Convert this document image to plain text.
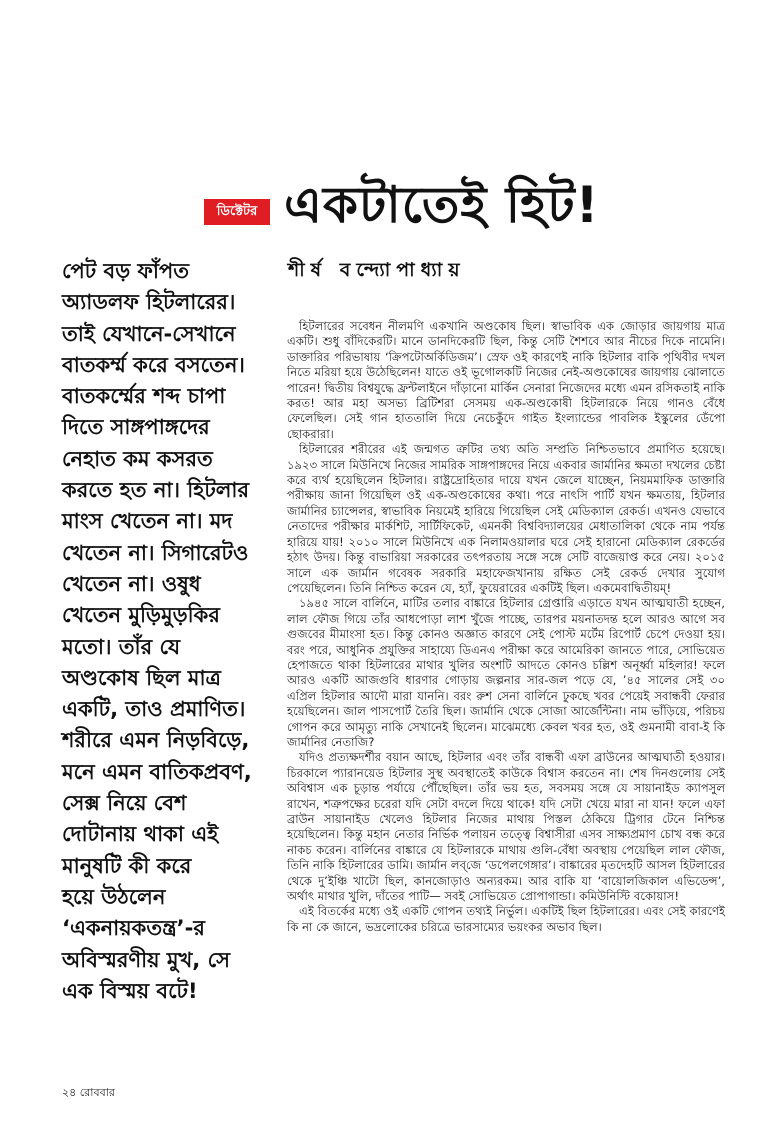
ডিক্টেটর একটাতেই হিট!
শীর্ষ বন্দ্যোপাধ্যায়
পেট বড় ফাঁপত
অ্যাডলফ হিটলারের।
তাই যেখানে-সেখানে
বাতকর্ম্ম করে বসতেন।
বাতকর্ম্মের শব্দ চাপা
দিতে সাঙ্গপাঙ্গদের
নেহাত কম কসরত
করতে হত না। হিটলার
মাংস খেতেন না। মদ
খেতেন না। সিগারেটও
খেতেন না। ওষুধ
খেতেন মুড়িমুড়কির
মতো। তাঁর যে
অণ্ডকোষ ছিল মাত্র
একটি, তাও প্রমাণিত।
শরীরে এমন নিড়বিড়ে,
মনে এমন বাতিকপ্রবণ,
সেক্স নিয়ে বেশ
দোটানায় থাকা এই
মানুষটি কী করে
হয়ে উঠলেন
‘একনায়কতন্ত্র’-র
অবিস্মরণীয় মুখ, সে
এক বিস্ময় বটে!

হিটলারের সবেধন নীলমণি একখানি অণ্ডকোষ ছিল। স্বাভাবিক এক জোড়ার জায়গায় মাত্র একটি। শুধু বাঁদিকেরটি। মানে ডানদিকেরটি ছিল, কিন্তু সেটি শৈশবে আর নীচের দিকে নামেনি। ডাক্তারির পরিভাষায় ‘ক্রিপটোঅর্কিডিজম’। স্রেফ ওই কারণেই নাকি হিটলার বাকি পৃথিবীর দখল নিতে মরিয়া হয়ে উঠেছিলেন! যাতে ওই ভূগোলকটি নিজের নেই-অণ্ডকোষের জায়গায় ঝোলাতে পারেন! দ্বিতীয় বিশ্বযুদ্ধে ফ্রন্টলাইনে দাঁড়ানো মার্কিন সেনারা নিজেদের মধ্যে এমন রসিকতাই নাকি করত! আর মহা অসভ্য ব্রিটিশরা সেসময় এক-অণ্ডকোষী হিটলারকে নিয়ে গানও বেঁধে ফেলেছিল। সেই গান হাততালি দিয়ে নেচেকুঁদে গাইত ইংল্যান্ডের পাবলিক ইস্কুলের ডেঁপো ছোকরারা।

হিটলারের শরীরের এই জন্মগত ত্রুটির তথ্য অতি সম্প্রতি নিশ্চিতভাবে প্রমাণিত হয়েছে। ১৯২৩ সালে মিউনিখে নিজের সামরিক সাঙ্গপাঙ্গদের নিয়ে একবার জার্মানির ক্ষমতা দখলের চেষ্টা করে ব্যর্থ হয়েছিলেন হিটলার। রাষ্ট্রদ্রোহিতার দায়ে যখন জেলে যাচ্ছেন, নিয়মমাফিক ডাক্তারি পরীক্ষায় জানা গিয়েছিল ওই এক-অণ্ডকোষের কথা। পরে নাৎসি পার্টি যখন ক্ষমতায়, হিটলার জার্মানির চ্যান্সেলর, স্বাভাবিক নিয়মেই হারিয়ে গিয়েছিল সেই মেডিক্যাল রেকর্ড। এখনও যেভাবে নেতাদের পরীক্ষার মার্কশিট, সার্টিফিকেট, এমনকী বিশ্ববিদ্যালয়ের মেধাতালিকা থেকে নাম পর্যন্ত হারিয়ে যায়! ২০১০ সালে মিউনিখে এক নিলামওয়ালার ঘরে সেই হারানো মেডিক্যাল রেকর্ডের হঠাৎ উদয়। কিন্তু বাভারিয়া সরকারের তৎপরতায় সঙ্গে সঙ্গে সেটি বাজেয়াপ্ত করে নেয়। ২০১৫ সালে এক জার্মান গবেষক সরকারি মহাফেজখানায় রক্ষিত সেই রেকর্ড দেখার সুযোগ পেয়েছিলেন। তিনি নিশ্চিত করেন যে, হ্যাঁ, ফুয়েরারের একটিই ছিল। একমেবাদ্বিতীয়ম্!

১৯৪৫ সালে বার্লিনে, মাটির তলার বাঙ্কারে হিটলার গ্রেপ্তারি এড়াতে যখন আত্মঘাতী হচ্ছেন, লাল ফৌজ গিয়ে তাঁর আধপোড়া লাশ খুঁজে পাচ্ছে, তারপর ময়নাতদন্ত হলে আরও আগে সব গুজবের মীমাংসা হত। কিন্তু কোনও অজ্ঞাত কারণে সেই পোস্ট মর্টেম রিপোর্ট চেপে দেওয়া হয়। বরং পরে, আধুনিক প্রযুক্তির সাহায্যে ডিএনএ পরীক্ষা করে আমেরিকা জানতে পারে, সোভিয়েত হেপাজতে থাকা হিটলারের মাথার খুলির অংশটি আদতে কোনও চল্লিশ অনূর্ধ্বা মহিলার! ফলে আরও একটি আজগুবি ধারণার গোড়ায় জল্পনার সার-জল পড়ে যে, ’৪৫ সালের সেই ৩০ এপ্রিল হিটলার আদৌ মারা যাননি। বরং রুশ সেনা বার্লিনে ঢুকছে খবর পেয়েই সবান্ধবী ফেরার হয়েছিলেন। জাল পাসপোর্ট তৈরি ছিল। জার্মানি থেকে সোজা আর্জেন্টিনা। নাম ভাঁড়িয়ে, পরিচয় গোপন করে আমৃত্যু নাকি সেখানেই ছিলেন। মাঝেমধ্যে কেবল খবর হত, ওই গুমনামী বাবা-ই কি জার্মানির নেতাজি?

যদিও প্রত্যক্ষদর্শীর বয়ান আছে, হিটলার এবং তাঁর বান্ধবী এফা ব্রাউনের আত্মঘাতী হওয়ার। চিরকালে প্যারানয়েড হিটলার সুস্থ অবস্থাতেই কাউকে বিশ্বাস করতেন না। শেষ দিনগুলোয় সেই অবিশ্বাস এক চূড়ান্ত পর্যায়ে পৌঁছেছিল। তাঁর ভয় হত, সবসময় সঙ্গে যে সায়ানাইড ক্যাপসুল রাখেন, শত্রুপক্ষের চরেরা যদি সেটা বদলে দিয়ে থাকে! যদি সেটা খেয়ে মারা না যান! ফলে এফা ব্রাউন সায়ানাইড খেলেও হিটলার নিজের মাথায় পিস্তল ঠেকিয়ে ট্রিগার টেনে নিশ্চিন্ত হয়েছিলেন। কিন্তু মহান নেতার নির্ভিক পলায়ন তত্ত্বে বিশ্বাসীরা এসব সাক্ষ্যপ্রমাণ চোখ বন্ধ করে নাকচ করেন। বার্লিনের বাঙ্কারে যে হিটলারকে মাথায় গুলি-বেঁধা অবস্থায় পেয়েছিল লাল ফৌজ, তিনি নাকি হিটলারের ডামি। জার্মান লব্‌জে ‘ডপেলগেঙ্গার’। বাঙ্কারের মৃতদেহটি আসল হিটলারের থেকে দু’ইঞ্চি খাটো ছিল, কানজোড়াও অন্যরকম। আর বাকি যা ‘বায়োলজিকাল এভিডেন্স’, অর্থাৎ মাথার খুলি, দাঁতের পাটি— সবই সোভিয়েত প্রোপাগান্ডা। কমিউনিস্টি বকোয়াস!

এই বিতর্কের মধ্যে ওই একটি গোপন তথ্যই নির্ভুল। একটিই ছিল হিটলারের। এবং সেই কারণেই কি না কে জানে, ভদ্রলোকের চরিত্রে ভারসাম্যের ভয়ংকর অভাব ছিল।

২৪ রোববার
